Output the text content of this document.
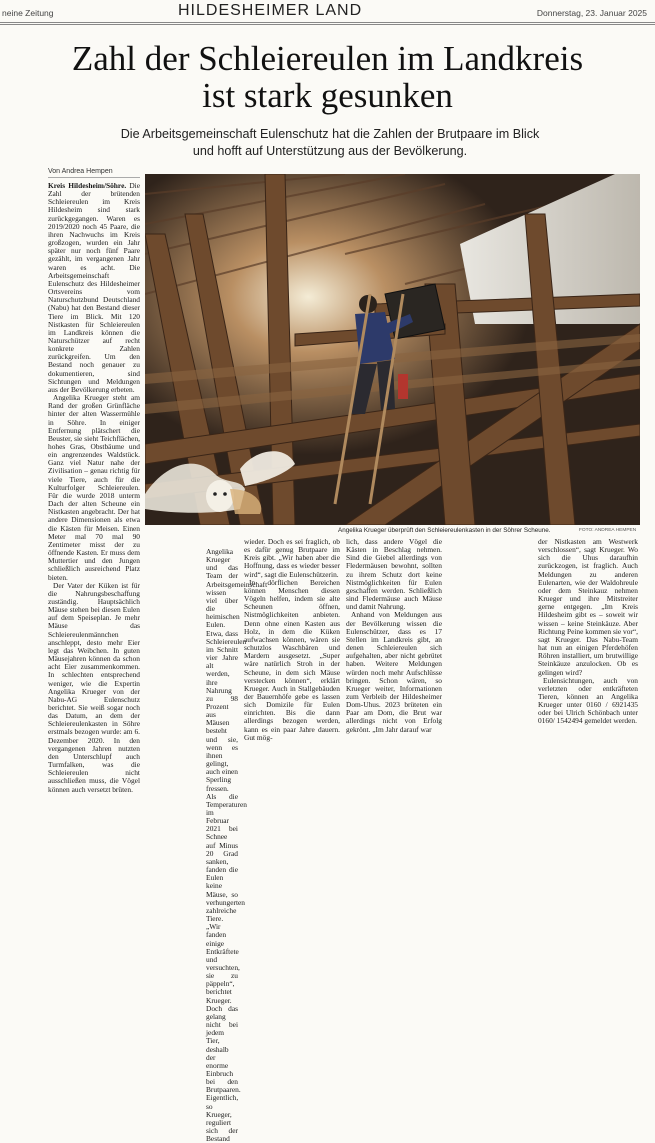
neine Zeitung	HILDESHEIMER LAND	Donnerstag, 23. Januar 2025
Zahl der Schleiereulen im Landkreis
ist stark gesunken
Die Arbeitsgemeinschaft Eulenschutz hat die Zahlen der Brutpaare im Blick
und hofft auf Unterstützung aus der Bevölkerung.
Von Andrea Hempen

Kreis Hildesheim/Söhre. Die Zahl der brütenden Schleiereulen im Kreis Hildesheim sind stark zurückgegangen. Waren es 2019/2020 noch 45 Paare, die ihren Nachwuchs im Kreis großzogen, wurden ein Jahr später nur noch fünf Paare gezählt, im vergangenen Jahr waren es acht. Die Arbeitsgemeinschaft Eulenschutz des Hildesheimer Ortsvereins vom Naturschutzbund Deutschland (Nabu) hat den Bestand dieser Tiere im Blick. Mit 120 Nistkasten für Schleiereulen im Landkreis können die Naturschützer auf recht konkrete Zahlen zurückgreifen. Um den Bestand noch genauer zu dokumentieren, sind Sichtungen und Meldungen aus der Bevölkerung erbeten.

Angelika Krueger steht am Rand der großen Grünfläche hinter der alten Wassermühle in Söhre. In einiger Entfernung plätschert die Beuster, sie sieht Teichflächen, hohes Gras, Obstbäume und ein angrenzendes Waldstück. Ganz viel Natur nahe der Zivilisation – genau richtig für viele Tiere, auch für die Kulturfolger Schleiereulen. Für die wurde 2018 unterm Dach der alten Scheune ein Nistkasten angebracht. Der hat andere Dimensionen als etwa die Kästen für Meisen. Einen Meter mal 70 mal 90 Zentimeter misst der zu öffnende Kasten. Er muss dem Muttertier und den Jungen schließlich ausreichend Platz bieten.

Der Vater der Küken ist für die Nahrungsbeschaffung zuständig. Hauptsächlich Mäuse stehen bei diesen Eulen auf dem Speiseplan. Je mehr Mäuse das Schleiereulenmännchen anschleppt, desto mehr Eier legt das Weibchen. In guten Mäusejahren können da schon acht Eier zusammenkommen. In schlechten entsprechend weniger, wie die Expertin Angelika Krueger von der Nabu-AG Eulenschutz berichtet. Sie weiß sogar noch das Datum, an dem der Schleiereulenkasten in Söhre erstmals bezogen wurde: am 6. Dezember 2020. In den vergangenen Jahren nutzten den Unterschlupf auch Turmfalken, was die Schleiereulen nicht ausschließen muss, die Vögel können auch versetzt brüten.

Angelika Krueger überprüft den Schleiereulenkasten in der Söhrer Scheune.	FOTO: ANDREA HEMPEN

Angelika Krueger und das Team der Arbeitsgemeinschaft wissen viel über die heimischen Eulen. Etwa, dass Schleiereulen im Schnitt vier Jahre alt werden, ihre Nahrung zu 98 Prozent aus Mäusen besteht und sie, wenn es ihnen gelingt, auch einen Sperling fressen. Als die Temperaturen im Februar 2021 bei Schnee auf Minus 20 Grad sanken, fanden die Eulen keine Mäuse, so verhungerten zahlreiche Tiere. „Wir fanden einige Entkräftete und versuchten, sie zu päppeln“, berichtet Krueger. Doch das gelang nicht bei jedem Tier, deshalb der enorme Einbruch bei den Brutpaaren. Eigentlich, so Krueger, reguliert sich der Bestand

wieder. Doch es sei fraglich, ob es dafür genug Brutpaare im Kreis gibt. „Wir haben aber die Hoffnung, dass es wieder besser wird“, sagt die Eulenschützerin.

In dörflichen Bereichen können Menschen diesen Vögeln helfen, indem sie alte Scheunen öffnen, Nistmöglichkeiten anbieten. Denn ohne einen Kasten aus Holz, in dem die Küken aufwachsen können, wären sie schutzlos Waschbären und Mardern ausgesetzt. „Super wäre natürlich Stroh in der Scheune, in dem sich Mäuse verstecken können“, erklärt Krueger. Auch in Stallgebäuden der Bauernhöfe gebe es lassen sich Domizile für Eulen einrichten. Bis die dann allerdings bezogen werden, kann es ein paar Jahre dauern. Gut mög-

lich, dass andere Vögel die Kästen in Beschlag nehmen. Sind die Giebel allerdings von Fledermäusen bewohnt, sollten zu ihrem Schutz dort keine Nistmöglichkeiten für Eulen geschaffen werden. Schließlich sind Fledermäuse auch Mäuse und damit Nahrung.

Anhand von Meldungen aus der Bevölkerung wissen die Eulenschützer, dass es 17 Stellen im Landkreis gibt, an denen Schleiereulen sich aufgehalten, aber nicht gebrütet haben. Weitere Meldungen würden noch mehr Aufschlüsse bringen. Schon wären, so Krueger weiter, Informationen zum Verbleib der Hildesheimer Dom-Uhus. 2023 brüteten ein Paar am Dom, die Brut war allerdings nicht von Erfolg gekrönt. „Im Jahr darauf war

der Nistkasten am Westwerk verschlossen“, sagt Krueger. Wo sich die Uhus daraufhin zurückzogen, ist fraglich. Auch Meldungen zu anderen Eulenarten, wie der Waldohreule oder dem Steinkauz nehmen Krueger und ihre Mitstreiter gerne entgegen. „Im Kreis Hildesheim gibt es – soweit wir wissen – keine Steinkäuze. Aber Richtung Peine kommen sie vor“, sagt Krueger. Das Nabu-Team hat nun an einigen Pferdehöfen Röhren installiert, um brutwillige Steinkäuze anzulocken. Ob es gelingen wird?

Eulensichtungen, auch von verletzten oder entkräfteten Tieren, können an Angelika Krueger unter 0160 / 6921435 oder bei Ulrich Schönbach unter 0160/ 1542494 gemeldet werden.
